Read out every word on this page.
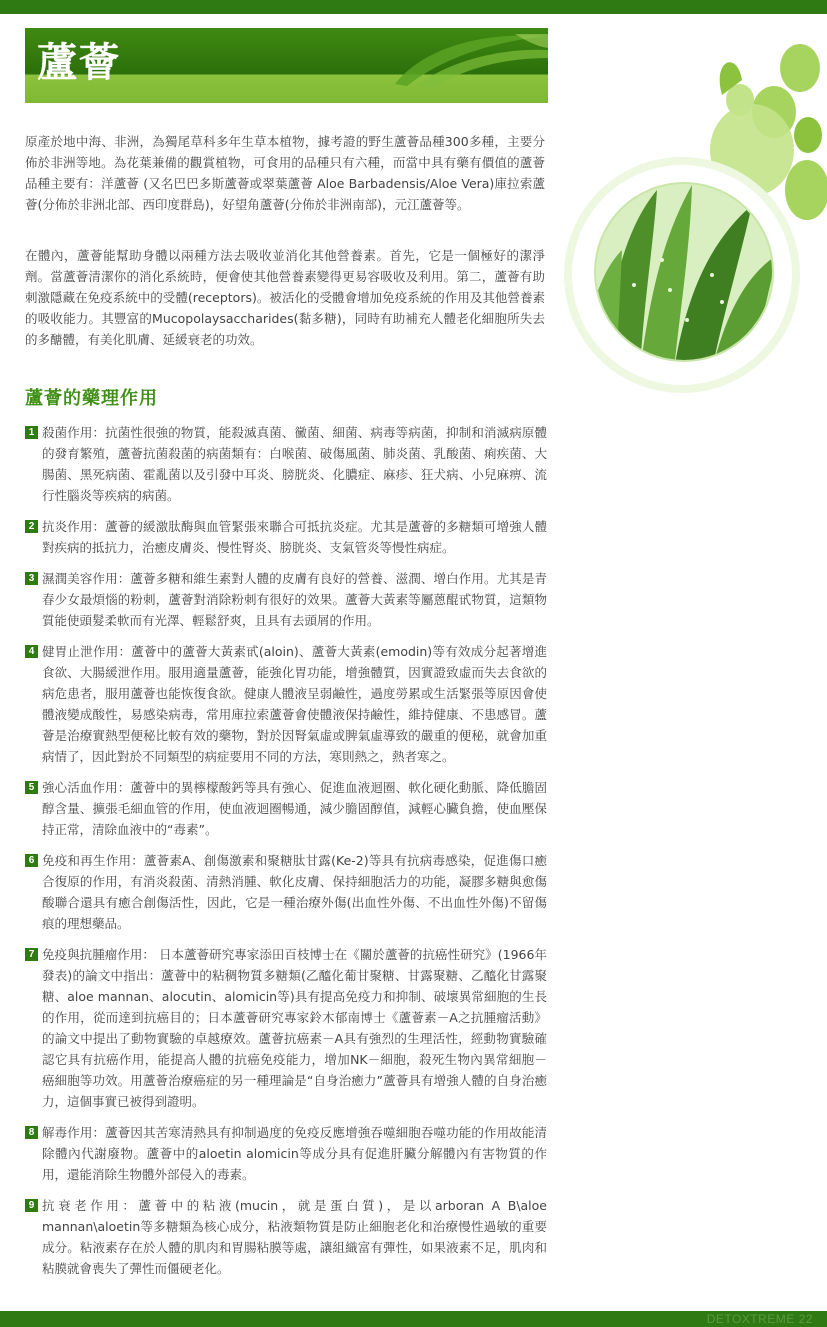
蘆薈

原產於地中海、非洲，為獨尾草科多年生草本植物，據考證的野生蘆薈品種300多種，主要分佈於非洲等地。為花葉兼備的觀賞植物，可食用的品種只有六種，而當中具有藥有價值的蘆薈品種主要有：洋蘆薈 (又名巴巴多斯蘆薈或翠葉蘆薈 Aloe Barbadensis/Aloe Vera)庫拉索蘆薈(分佈於非洲北部、西印度群島)，好望角蘆薈(分佈於非洲南部)，元江蘆薈等。

在體內，蘆薈能幫助身體以兩種方法去吸收並消化其他營養素。首先，它是一個極好的潔淨劑。當蘆薈清潔你的消化系統時，便會使其他營養素變得更易容吸收及利用。第二，蘆薈有助刺激隱藏在免疫系統中的受體(receptors)。被活化的受體會增加免疫系統的作用及其他營養素的吸收能力。其豐富的Mucopolaysaccharides(黏多糖)，同時有助補充人體老化細胞所失去的多醣體，有美化肌膚、延緩衰老的功效。

蘆薈的藥理作用
1 殺菌作用：抗菌性很強的物質，能殺滅真菌、黴菌、細菌、病毒等病菌，抑制和消滅病原體的發育繁殖，蘆薈抗菌殺菌的病菌類有：白喉菌、破傷風菌、肺炎菌、乳酸菌、痢疾菌、大腸菌、黑死病菌、霍亂菌以及引發中耳炎、膀胱炎、化膿症、麻疹、狂犬病、小兒麻痹、流行性腦炎等疾病的病菌。
2 抗炎作用：蘆薈的緩激肽酶與血管緊張來聯合可抵抗炎症。尤其是蘆薈的多糖類可增強人體對疾病的抵抗力，治癒皮膚炎、慢性腎炎、膀胱炎、支氣管炎等慢性病症。
3 濕潤美容作用：蘆薈多糖和維生素對人體的皮膚有良好的營養、滋潤、增白作用。尤其是青春少女最煩惱的粉刺，蘆薈對消除粉刺有很好的效果。蘆薈大黃素等屬蒽醌甙物質，這類物質能使頭髮柔軟而有光澤、輕鬆舒爽，且具有去頭屑的作用。
4 健胃止泄作用：蘆薈中的蘆薈大黃素甙(aloin)、蘆薈大黃素(emodin)等有效成分起著增進食欲、大腸緩泄作用。服用適量蘆薈，能強化胃功能，增強體質，因實證致虛而失去食欲的病危患者，服用蘆薈也能恢復食欲。健康人體液呈弱鹼性，過度勞累或生活緊張等原因會使體液變成酸性，易感染病毒，常用庫拉索蘆薈會使體液保持鹼性，維持健康、不患感冒。蘆薈是治療實熱型便秘比較有效的藥物，對於因腎氣虛或脾氣虛導致的嚴重的便秘，就會加重病情了，因此對於不同類型的病症要用不同的方法，寒則熱之，熱者寒之。
5 強心活血作用：蘆薈中的異檸檬酸鈣等具有強心、促進血液迴圈、軟化硬化動脈、降低膽固醇含量、擴張毛細血管的作用，使血液迴圈暢通，減少膽固醇值，減輕心臟負擔，使血壓保持正常，清除血液中的“毒素”。
6 免疫和再生作用：蘆薈素A、創傷激素和聚糖肽甘露(Ke-2)等具有抗病毒感染，促進傷口癒合復原的作用，有消炎殺菌、清熱消腫、軟化皮膚、保持細胞活力的功能，凝膠多糖與愈傷酸聯合還具有癒合創傷活性，因此，它是一種治療外傷(出血性外傷、不出血性外傷)不留傷痕的理想藥品。
7 免疫與抗腫瘤作用： 日本蘆薈研究專家添田百枝博士在《關於蘆薈的抗癌性研究》(1966年發表)的論文中指出：蘆薈中的粘稠物質多糖類(乙醯化葡甘聚糖、甘露聚糖、乙醯化甘露聚糖、aloe mannan、alocutin、alomicin等)具有提高免疫力和抑制、破壞異常細胞的生長的作用，從而達到抗癌目的；日本蘆薈研究專家鈴木郁南博士《蘆薈素－A之抗腫瘤活動》的論文中提出了動物實驗的卓越療效。蘆薈抗癌素－A具有強烈的生理活性，經動物實驗確認它具有抗癌作用，能提高人體的抗癌免疫能力，增加NK－細胞，殺死生物內異常細胞－癌細胞等功效。用蘆薈治療癌症的另一種理論是“自身治癒力”蘆薈具有增強人體的自身治癒力，這個事實已被得到證明。
8 解毒作用：蘆薈因其苦寒清熱具有抑制過度的免疫反應增強吞噬細胞吞噬功能的作用故能清除體內代謝廢物。蘆薈中的aloetin alomicin等成分具有促進肝臟分解體內有害物質的作用，還能消除生物體外部侵入的毒素。
9 抗衰老作用：蘆薈中的粘液(mucin，就是蛋白質)，是以arboran A B\aloe mannan\aloetin等多糖類為核心成分，粘液類物質是防止細胞老化和治療慢性過敏的重要成分。粘液素存在於人體的肌肉和胃腸粘膜等處，讓組織富有彈性，如果液素不足，肌肉和粘膜就會喪失了彈性而僵硬老化。
DETOXTREME 22
